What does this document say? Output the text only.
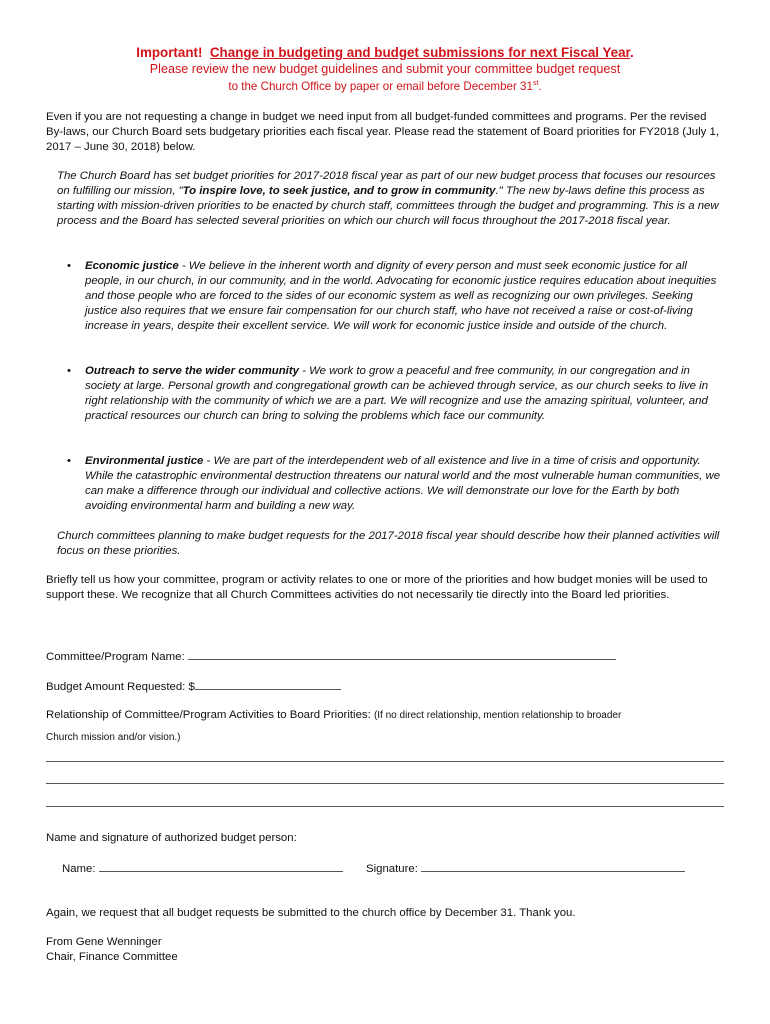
Important! Change in budgeting and budget submissions for next Fiscal Year.
Please review the new budget guidelines and submit your committee budget request
to the Church Office by paper or email before December 31st.
Even if you are not requesting a change in budget we need input from all budget-funded committees and programs. Per the revised By-laws, our Church Board sets budgetary priorities each fiscal year. Please read the statement of Board priorities for FY2018 (July 1, 2017 – June 30, 2018) below.
The Church Board has set budget priorities for 2017-2018 fiscal year as part of our new budget process that focuses our resources on fulfilling our mission, "To inspire love, to seek justice, and to grow in community." The new by-laws define this process as starting with mission-driven priorities to be enacted by church staff, committees through the budget and programming. This is a new process and the Board has selected several priorities on which our church will focus throughout the 2017-2018 fiscal year.
• Economic justice - We believe in the inherent worth and dignity of every person and must seek economic justice for all people, in our church, in our community, and in the world. Advocating for economic justice requires education about inequities and those people who are forced to the sides of our economic system as well as recognizing our own privileges. Seeking justice also requires that we ensure fair compensation for our church staff, who have not received a raise or cost-of-living increase in years, despite their excellent service. We will work for economic justice inside and outside of the church.
• Outreach to serve the wider community - We work to grow a peaceful and free community, in our congregation and in society at large. Personal growth and congregational growth can be achieved through service, as our church seeks to live in right relationship with the community of which we are a part. We will recognize and use the amazing spiritual, volunteer, and practical resources our church can bring to solving the problems which face our community.
• Environmental justice - We are part of the interdependent web of all existence and live in a time of crisis and opportunity. While the catastrophic environmental destruction threatens our natural world and the most vulnerable human communities, we can make a difference through our individual and collective actions. We will demonstrate our love for the Earth by both avoiding environmental harm and building a new way.
Church committees planning to make budget requests for the 2017-2018 fiscal year should describe how their planned activities will focus on these priorities.
Briefly tell us how your committee, program or activity relates to one or more of the priorities and how budget monies will be used to support these. We recognize that all Church Committees activities do not necessarily tie directly into the Board led priorities.
Committee/Program Name:
Budget Amount Requested: $
Relationship of Committee/Program Activities to Board Priorities: (If no direct relationship, mention relationship to broader
Church mission and/or vision.)
Name and signature of authorized budget person:
Name:	Signature:
Again, we request that all budget requests be submitted to the church office by December 31. Thank you.
From Gene Wenninger
Chair, Finance Committee
